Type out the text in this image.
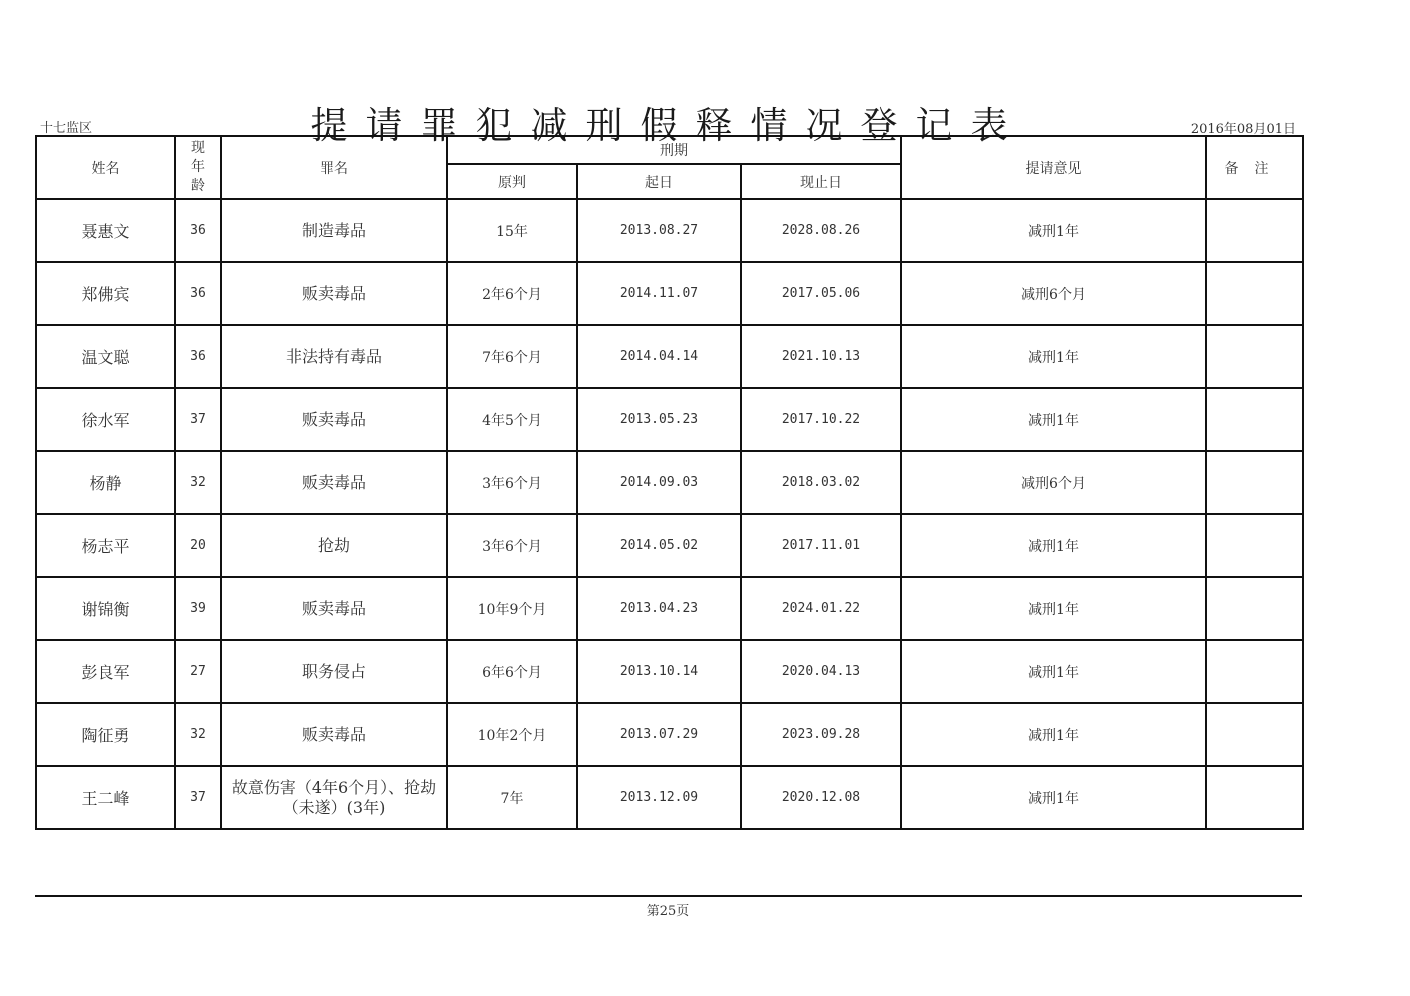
提请罪犯减刑假释情况登记表
十七监区	2016年08月01日
姓名	现年龄	罪名	刑期			提请意见	备注
			原判	起日	现止日		
聂惠文	36	制造毒品	15年	2013.08.27	2028.08.26	减刑1年	
郑佛宾	36	贩卖毒品	2年6个月	2014.11.07	2017.05.06	减刑6个月	
温文聪	36	非法持有毒品	7年6个月	2014.04.14	2021.10.13	减刑1年	
徐水军	37	贩卖毒品	4年5个月	2013.05.23	2017.10.22	减刑1年	
杨静	32	贩卖毒品	3年6个月	2014.09.03	2018.03.02	减刑6个月	
杨志平	20	抢劫	3年6个月	2014.05.02	2017.11.01	减刑1年	
谢锦衡	39	贩卖毒品	10年9个月	2013.04.23	2024.01.22	减刑1年	
彭良军	27	职务侵占	6年6个月	2013.10.14	2020.04.13	减刑1年	
陶征勇	32	贩卖毒品	10年2个月	2013.07.29	2023.09.28	减刑1年	
王二峰	37	故意伤害（4年6个月）、抢劫（未遂）(3年)	7年	2013.12.09	2020.12.08	减刑1年	
第25页
